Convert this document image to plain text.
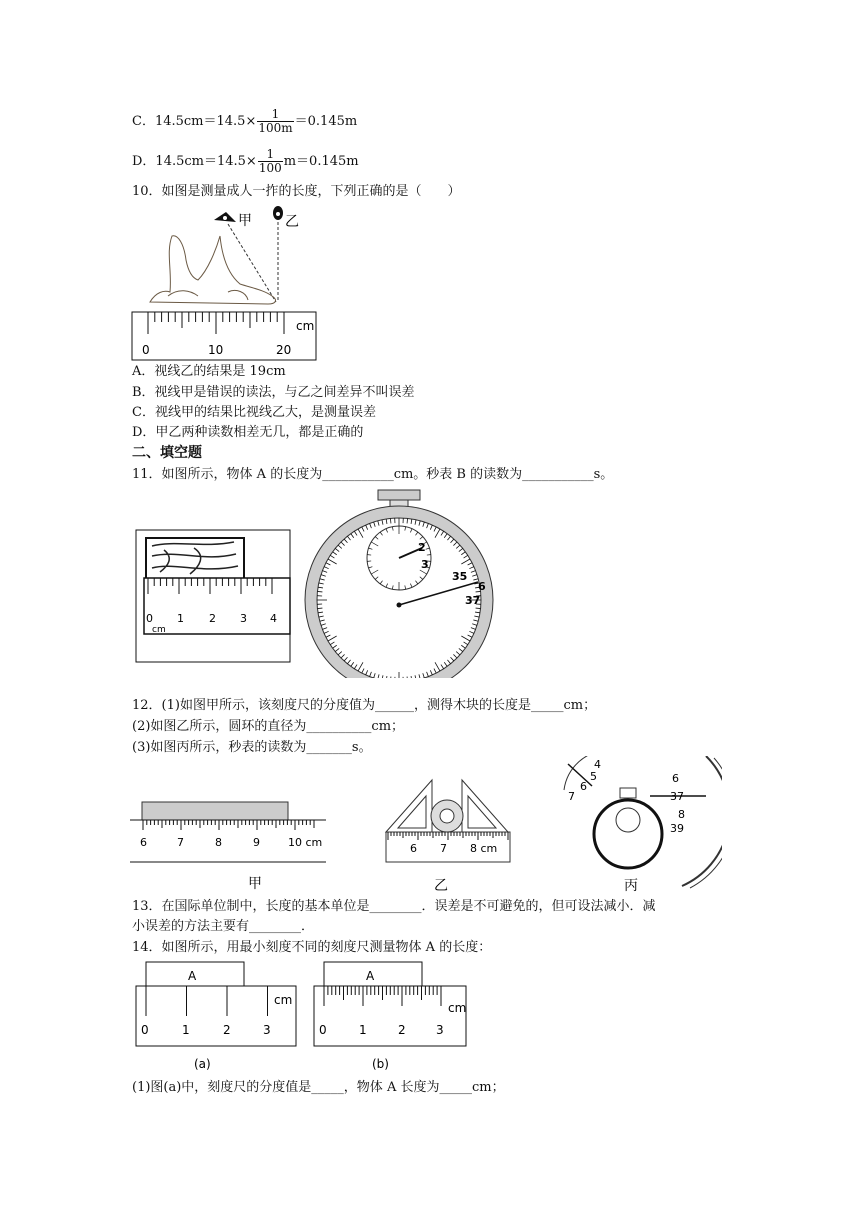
C．$14.5cm=14.5\times \frac{1}{100m} =0.145m$
D．$14.5cm=14.5\times \frac{1}{100} m=0.145m$
10．如图是测量成人一拃的长度，下列正确的是（　　）
甲 乙
0	10	20
cm
A．视线乙的结果是 19cm
B．视线甲是错误的读法，与乙之间差异不叫误差
C．视线甲的结果比视线乙大，是测量误差
D．甲乙两种读数相差无几，都是正确的
二、填空题
11．如图所示，物体 A 的长度为___________cm。秒表 B 的读数为___________s。
0 1 2 3 4
cm
2
3
35
6
37
12．(1)如图甲所示，该刻度尺的分度值为______，测得木块的长度是_____cm；
(2)如图乙所示，圆环的直径为__________cm；
(3)如图丙所示，秒表的读数为_______s。
6	7	8	9	10 cm
甲
6 7 8 cm
乙
4
5
6
7
6
37
8
39
丙
13．在国际单位制中，长度的基本单位是________．误差是不可避免的，但可设法减小．减
小误差的方法主要有________．
14．如图所示，用最小刻度不同的刻度尺测量物体 A 的长度：
A
0	1	2	3
cm
(a)
A
0	1	2	3
cm
(b)
(1)图(a)中，刻度尺的分度值是_____，物体 A 长度为_____cm；
